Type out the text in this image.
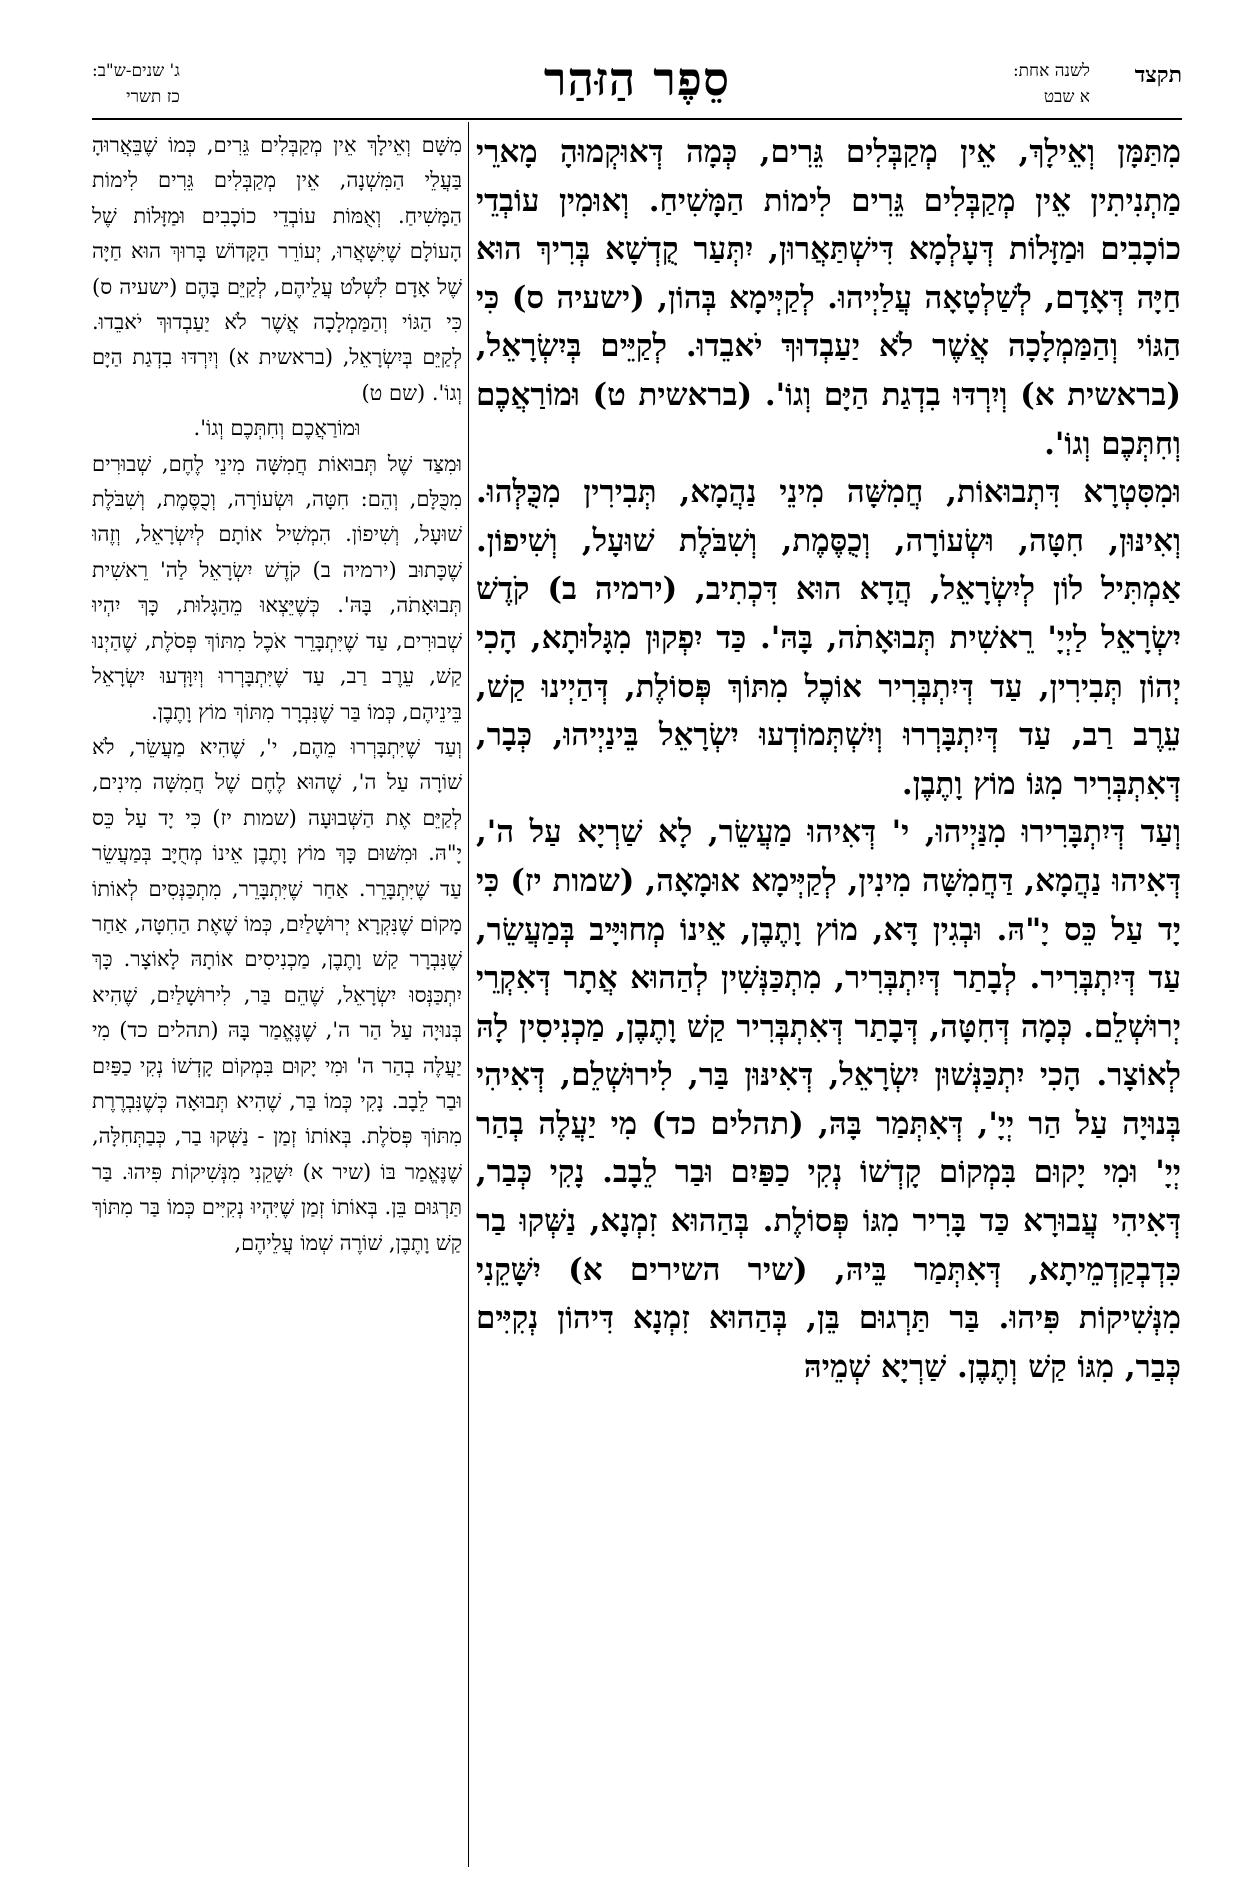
תקצד
לשנה אחת:
א שבט
סֵפֶר הַזּהַר
ג' שנים-ש"ב:
כז תשרי

מִתַּמָּן וְאֵילָךְ, אֵין מְקַבְּלִים גֵּרִים, כְּמָה דְּאוּקְמוּהָ מָארֵי מַתְנִיתִין אֵין מְקַבְּלִים גֵּרִים לִימוֹת הַמָּשִׁיחַ. וְאוּמִין עוֹבְדֵי כוֹכָבִים וּמַזָּלוֹת דְּעָלְמָא דִּישְׁתַּאֲרוּן, יִתְּעַר קֻדְשָׁא בְּרִיךְ הוּא חַיָּה דְּאָדָם, לְשַׁלְטָאָה עֲלַיְיהוּ. לְקַיְּימָא בְּהוֹן, (ישעיה ס) כִּי הַגּוֹי וְהַמַּמְלָכָה אֲשֶׁר לֹא יַעַבְדוּךְ יֹאבֵדוּ. לְקַיֵּים בְּיִשְׂרָאֵל, (בראשית א) וְיִרְדּוּ בִדְגַת הַיָּם וְגוֹ'. (בראשית ט) וּמוֹרַאֲכֶם וְחִתְּכֶם וְגוֹ'.

וּמִסִּטְרָא דִּתְבוּאוֹת, חֲמִשָּׁה מִינֵי נַהֲמָא, תְּבִירִין מִכֻּלְּהוּ. וְאִינּוּן, חִטָּה, וּשְׂעוֹרָה, וְכֻסֶּמֶת, וְשִׁבֹּלֶת שׁוּעָל, וְשִׁיפוֹן. אַמְתִּיל לוֹן לְיִשְׂרָאֵל, הֲדָא הוּא דִּכְתִיב, (ירמיה ב) קֹדֶשׁ יִשְׂרָאֵל לַיְיָ' רֵאשִׁית תְּבוּאָתֹה, בָּהּ'. כַּד יִפְקוּן מִגָּלוּתָא, הָכִי יְהוֹן תְּבִירִין, עַד דְּיִתְבְּרִיר אוֹכֶל מִתּוֹךְ פְּסוֹלֶת, דְּהַיְינוּ קַשׁ, עֵרֶב רַב, עַד דְּיִתְבָּרְרוּ וְיִשְׁתְּמוֹדְעוּ יִשְׂרָאֵל בֵּינַיְיהוּ, כְּבָר, דְּאִתְבְּרִיר מִגּוֹ מוֹץ וָתֶבֶן.

וְעַד דְּיִתְבָּרִירוּ מִנַּיְיהוּ, י' דְּאִיהוּ מַעֲשֵׂר, לָא שַׁרְיָא עַל ה', דְּאִיהוּ נַהֲמָא, דַּחֲמִשָּׁה מִינִין, לְקַיְּימָא אוּמָאָה, (שמות יז) כִּי יָד עַל כֵּס יָ"הּ. וּבְגִין דָּא, מוֹץ וָתֶבֶן, אֵינוֹ מְחוּיָּיב בְּמַעֲשֵׂר, עַד דְּיִתְבְּרִיר. לְבָתַר דְּיִתְבְּרִיר, מִתְכַּנְּשִׁין לְהַהוּא אֲתָר דְּאִקְרֵי יְרוּשְׁלֵם. כְּמָה דְּחִטָּה, דְּבָתַר דְּאִתְבְּרִיר קַשׁ וָתֶבֶן, מַכְנִיסִין לָהּ לְאוֹצָר. הָכִי יִתְכַּנְּשׁוּן יִשְׂרָאֵל, דְּאִינּוּן בַּר, לִירוּשְׁלֵם, דְּאִיהִי בְּנוּיָה עַל הַר יְיָ', דְּאִתְּמַר בָּהּ, (תהלים כד) מִי יַעֲלֶה בְהַר יְיָ' וּמִי יָקוּם בִּמְקוֹם קָדְשׁוֹ נְקִי כַפַּיִם וּבַר לֵבָב. נָקִי כְּבַר, דְּאִיהִי עֲבוּרָא כַּד בָּרִיר מִגּוֹ פְּסוֹלֶת. בְּהַהוּא זִמְנָא, נַשְּׁקוּ בַר כִּדְבְקַדְמֵיתָא, דְּאִתְּמַר בֵּיהּ, (שיר השירים א) יִשָּׁקֵנִי מִנְּשִׁיקוֹת פִּיהוּ. בַּר תַּרְגוּם בֵּן, בְּהַהוּא זִמְנָא דִּיהוֹן נְקִיִּים כְּבַר, מִגּוֹ קַשׁ וְתֶבֶן. שַׁרְיָא שְׁמֵיהּ

מִשָּׁם וְאֵילָךְ אֵין מְקַבְּלִים גֵּרִים, כְּמוֹ שֶׁבֵּאֲרוּהָ בַּעֲלֵי הַמִּשְׁנָה, אֵין מְקַבְּלִים גֵּרִים לִימוֹת הַמָּשִׁיחַ. וְאֻמּוֹת עוֹבְדֵי כוֹכָבִים וּמַזָּלוֹת שֶׁל הָעוֹלָם שֶׁיִּשָּׁאֲרוּ, יְעוֹרֵר הַקָּדוֹשׁ בָּרוּךְ הוּא חַיָּה שֶׁל אָדָם לִשְׁלֹט עֲלֵיהֶם, לְקַיֵּם בָּהֶם (ישעיה ס) כִּי הַגּוֹי וְהַמַּמְלָכָה אֲשֶׁר לֹא יַעַבְדוּךְ יֹאבֵדוּ. לְקַיֵּם בְּיִשְׂרָאֵל, (בראשית א) וְיִרְדּוּ בִדְגַת הַיָּם וְגוֹ'. (שם ט)

וּמוֹרַאֲכֶם וְחִתְּכֶם וְגוֹ'.

וּמִצַּד שֶׁל תְּבוּאוֹת חֲמִשָּׁה מִינֵי לֶחֶם, שְׁבוּרִים מִכֻּלָּם, וְהֵם: חִטָּה, וּשְׂעוֹרָה, וְכֻסֶּמֶת, וְשִׁבֹּלֶת שׁוּעָל, וְשִׁיפוֹן. הִמְשִׁיל אוֹתָם לְיִשְׂרָאֵל, וְזֶהוּ שֶׁכָּתוּב (ירמיה ב) קֹדֶשׁ יִשְׂרָאֵל לַה' רֵאשִׁית תְּבוּאָתֹה, בָּהּ'. כְּשֶׁיֵּצְאוּ מֵהַגָּלוּת, כָּךְ יִהְיוּ שְׁבוּרִים, עַד שֶׁיִּתְבָּרֵר אֹכֶל מִתּוֹךְ פְּסֹלֶת, שֶׁהַיְנוּ קַשׁ, עֵרֶב רַב, עַד שֶׁיִּתְבָּרְרוּ וְיִוָּדְעוּ יִשְׂרָאֵל בֵּינֵיהֶם, כְּמוֹ בַּר שֶׁנִּבְרָר מִתּוֹךְ מוֹץ וָתֶבֶן.

וְעַד שֶׁיִּתְבָּרְרוּ מֵהֶם, י', שֶׁהִיא מַעֲשֵׂר, לֹא שׁוֹרָה עַל ה', שֶׁהוּא לֶחֶם שֶׁל חֲמִשָּׁה מִינִים, לְקַיֵּם אֶת הַשְּׁבוּעָה (שמות יז) כִּי יָד עַל כֵּס יָ"הּ. וּמִשּׁוּם כָּךְ מוֹץ וָתֶבֶן אֵינוֹ מְחֻיָּב בְּמַעֲשֵׂר עַד שֶׁיִּתְבָּרֵר. אַחַר שֶׁיִּתְבָּרֵר, מִתְכַּנְּסִים לְאוֹתוֹ מָקוֹם שֶׁנִּקְרָא יְרוּשָׁלַיִם, כְּמוֹ שֶׁאֶת הַחִטָּה, אַחַר שֶׁנִּבְרָר קַשׁ וָתֶבֶן, מַכְנִיסִים אוֹתָהּ לָאוֹצָר. כָּךְ יִתְכַּנְּסוּ יִשְׂרָאֵל, שֶׁהֵם בַּר, לִירוּשָׁלַיִם, שֶׁהִיא בְּנוּיָה עַל הַר ה', שֶׁנֶּאֱמַר בָּהּ (תהלים כד) מִי יַעֲלֶה בְהַר ה' וּמִי יָקוּם בִּמְקוֹם קָדְשׁוֹ נְקִי כַפַּיִם וּבַר לֵבָב. נָקִי כְּמוֹ בַּר, שֶׁהִיא תְּבוּאָה כְּשֶׁנִּבְרֶרֶת מִתּוֹךְ פְּסֹלֶת. בְּאוֹתוֹ זְמַן - נַשְּׁקוּ בַר, כְּבַתְּחִלָּה, שֶׁנֶּאֱמַר בּוֹ (שיר א) יִשָּׁקֵנִי מִנְּשִׁיקוֹת פִּיהוּ. בַּר תַּרְגּוּם בֵּן. בְּאוֹתוֹ זְמַן שֶׁיִּהְיוּ נְקִיִּים כְּמוֹ בַּר מִתּוֹךְ קַשׁ וָתֶבֶן, שׁוֹרֶה שְׁמוֹ עֲלֵיהֶם,
